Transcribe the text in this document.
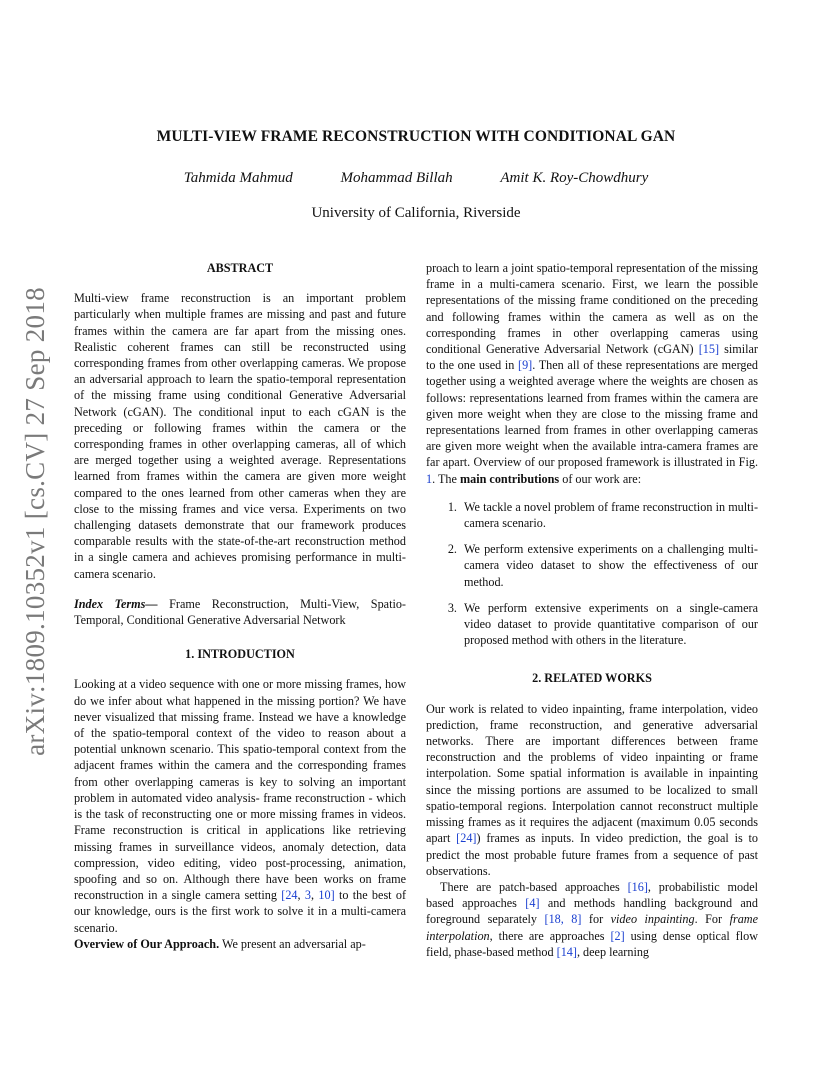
arXiv:1809.10352v1 [cs.CV] 27 Sep 2018
MULTI-VIEW FRAME RECONSTRUCTION WITH CONDITIONAL GAN
Tahmida Mahmud	Mohammad Billah	Amit K. Roy-Chowdhury
University of California, Riverside
ABSTRACT

Multi-view frame reconstruction is an important problem particularly when multiple frames are missing and past and future frames within the camera are far apart from the missing ones. Realistic coherent frames can still be reconstructed using corresponding frames from other overlapping cameras. We propose an adversarial approach to learn the spatio-temporal representation of the missing frame using conditional Generative Adversarial Network (cGAN). The conditional input to each cGAN is the preceding or following frames within the camera or the corresponding frames in other overlapping cameras, all of which are merged together using a weighted average. Representations learned from frames within the camera are given more weight compared to the ones learned from other cameras when they are close to the missing frames and vice versa. Experiments on two challenging datasets demonstrate that our framework produces comparable results with the state-of-the-art reconstruction method in a single camera and achieves promising performance in multi-camera scenario.

Index Terms— Frame Reconstruction, Multi-View, Spatio-Temporal, Conditional Generative Adversarial Network

1. INTRODUCTION

Looking at a video sequence with one or more missing frames, how do we infer about what happened in the missing portion? We have never visualized that missing frame. Instead we have a knowledge of the spatio-temporal context of the video to reason about a potential unknown scenario. This spatio-temporal context from the adjacent frames within the camera and the corresponding frames from other overlapping cameras is key to solving an important problem in automated video analysis- frame reconstruction - which is the task of reconstructing one or more missing frames in videos. Frame reconstruction is critical in applications like retrieving missing frames in surveillance videos, anomaly detection, data compression, video editing, video post-processing, animation, spoofing and so on. Although there have been works on frame reconstruction in a single camera setting [24, 3, 10] to the best of our knowledge, ours is the first work to solve it in a multi-camera scenario.

Overview of Our Approach. We present an adversarial ap-

proach to learn a joint spatio-temporal representation of the missing frame in a multi-camera scenario. First, we learn the possible representations of the missing frame conditioned on the preceding and following frames within the camera as well as on the corresponding frames in other overlapping cameras using conditional Generative Adversarial Network (cGAN) [15] similar to the one used in [9]. Then all of these representations are merged together using a weighted average where the weights are chosen as follows: representations learned from frames within the camera are given more weight when they are close to the missing frame and representations learned from frames in other overlapping cameras are given more weight when the available intra-camera frames are far apart. Overview of our proposed framework is illustrated in Fig. 1. The main contributions of our work are:

1. We tackle a novel problem of frame reconstruction in multi-camera scenario.
2. We perform extensive experiments on a challenging multi-camera video dataset to show the effectiveness of our method.
3. We perform extensive experiments on a single-camera video dataset to provide quantitative comparison of our proposed method with others in the literature.
2. RELATED WORKS

Our work is related to video inpainting, frame interpolation, video prediction, frame reconstruction, and generative adversarial networks. There are important differences between frame reconstruction and the problems of video inpainting or frame interpolation. Some spatial information is available in inpainting since the missing portions are assumed to be localized to small spatio-temporal regions. Interpolation cannot reconstruct multiple missing frames as it requires the adjacent (maximum 0.05 seconds apart [24]) frames as inputs. In video prediction, the goal is to predict the most probable future frames from a sequence of past observations.

There are patch-based approaches [16], probabilistic model based approaches [4] and methods handling background and foreground separately [18, 8] for video inpainting. For frame interpolation, there are approaches [2] using dense optical flow field, phase-based method [14], deep learning
